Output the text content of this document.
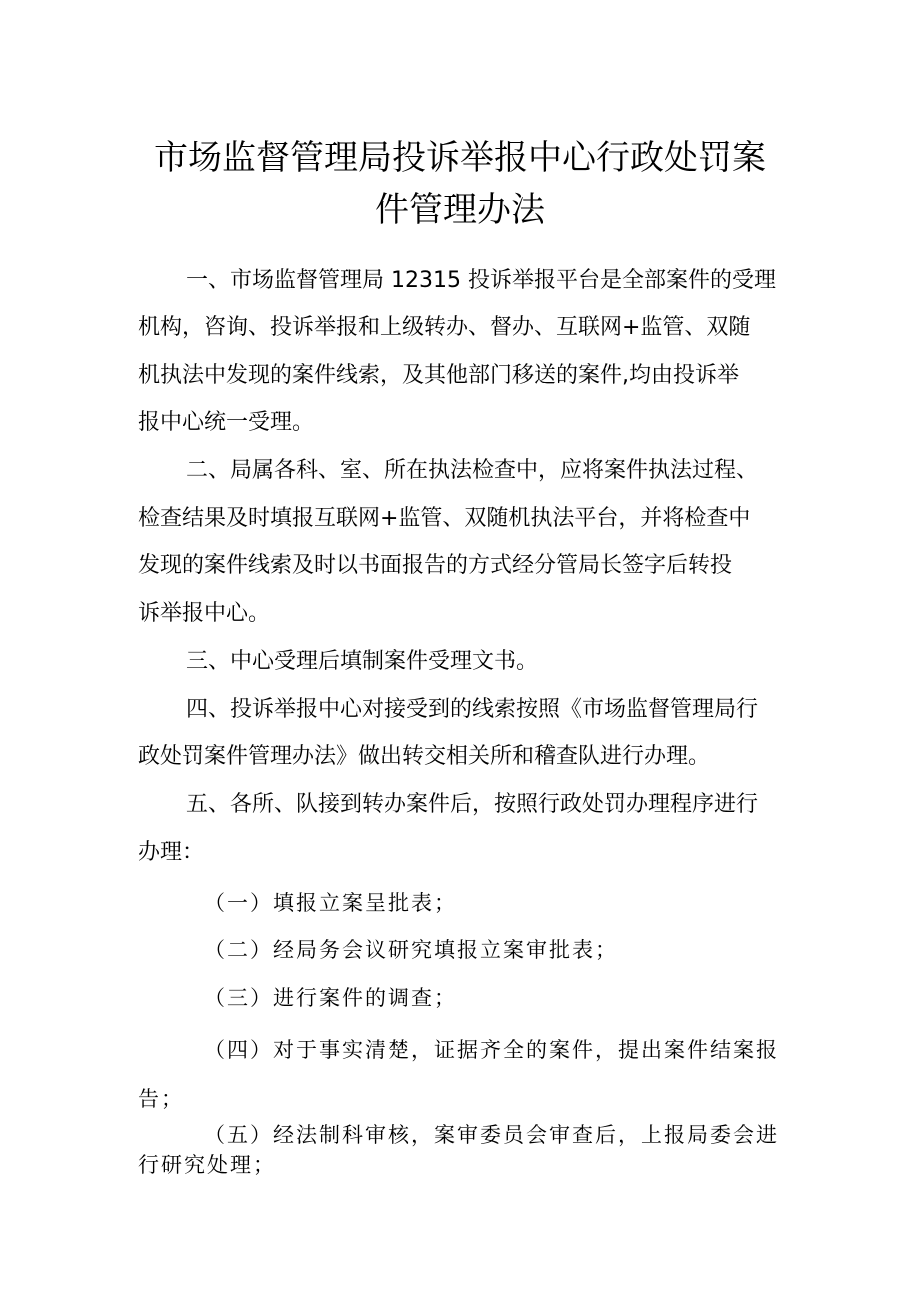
市场监督管理局投诉举报中心行政处罚案
件管理办法

一、市场监督管理局 12315 投诉举报平台是全部案件的受理

机构，咨询、投诉举报和上级转办、督办、互联网+监管、双随

机执法中发现的案件线索，及其他部门移送的案件,均由投诉举

报中心统一受理。

二、局属各科、室、所在执法检查中，应将案件执法过程、

检查结果及时填报互联网+监管、双随机执法平台，并将检查中

发现的案件线索及时以书面报告的方式经分管局长签字后转投

诉举报中心。

三、中心受理后填制案件受理文书。

四、投诉举报中心对接受到的线索按照《市场监督管理局行

政处罚案件管理办法》做出转交相关所和稽查队进行办理。

五、各所、队接到转办案件后，按照行政处罚办理程序进行

办理：

（一）填报立案呈批表；

（二）经局务会议研究填报立案审批表；

（三）进行案件的调查；

（四）对于事实清楚，证据齐全的案件，提出案件结案报

告；

（五）经法制科审核，案审委员会审查后，上报局委会进

行研究处理；
